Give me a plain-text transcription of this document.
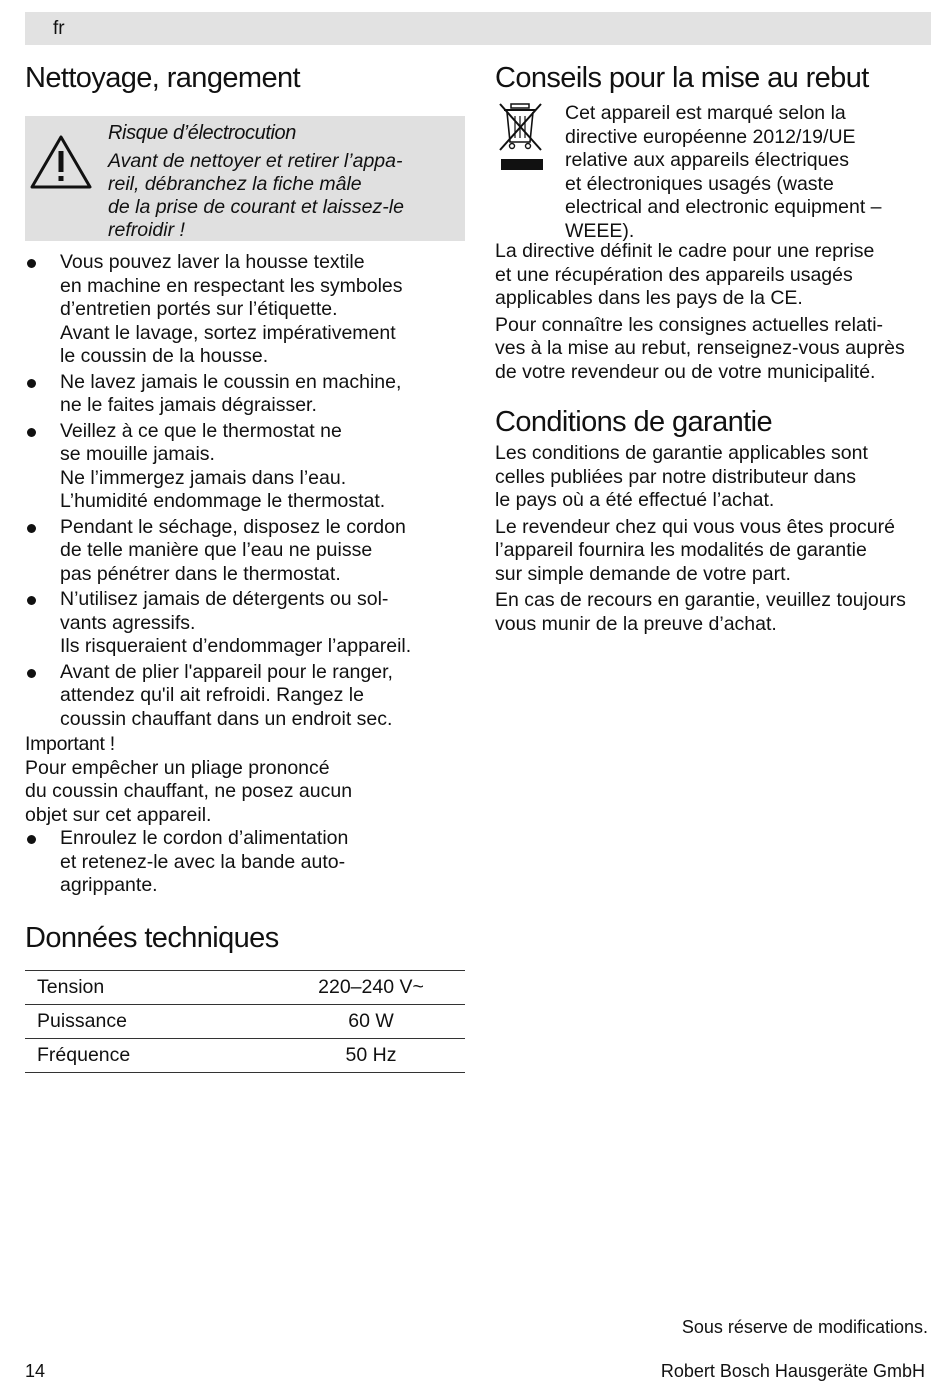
fr
Nettoyage, rangement
Risque d’électrocution
Avant de nettoyer et retirer l’appa-
reil, débranchez la fiche mâle
de la prise de courant et laissez-le
refroidir !
Vous pouvez laver la housse textile
en machine en respectant les symboles
d’entretien portés sur l’étiquette.
Avant le lavage, sortez impérativement
le coussin de la housse.
Ne lavez jamais le coussin en machine,
ne le faites jamais dégraisser.
Veillez à ce que le thermostat ne
se mouille jamais.
Ne l’immergez jamais dans l’eau.
L’humidité endommage le thermostat.
Pendant le séchage, disposez le cordon
de telle manière que l’eau ne puisse
pas pénétrer dans le thermostat.
N’utilisez jamais de détergents ou sol-
vants agressifs.
Ils risqueraient d’endommager l’appareil.
Avant de plier l'appareil pour le ranger,
attendez qu'il ait refroidi. Rangez le
coussin chauffant dans un endroit sec.
Important !
Pour empêcher un pliage prononcé
du coussin chauffant, ne posez aucun
objet sur cet appareil.
Enroulez le cordon d’alimentation
et retenez-le avec la bande auto-
agrippante.
Données techniques
Tension	220–240 V~
Puissance	60 W
Fréquence	50 Hz
Conseils pour la mise au rebut
Cet appareil est marqué selon la
directive européenne 2012/19/UE
relative aux appareils électriques
et électroniques usagés (waste
electrical and electronic equipment –
WEEE).

La directive définit le cadre pour une reprise
et une récupération des appareils usagés
applicables dans les pays de la CE.

Pour connaître les consignes actuelles relati-
ves à la mise au rebut, renseignez-vous auprès
de votre revendeur ou de votre municipalité.

Conditions de garantie

Les conditions de garantie applicables sont
celles publiées par notre distributeur dans
le pays où a été effectué l’achat.

Le revendeur chez qui vous vous êtes procuré
l’appareil fournira les modalités de garantie
sur simple demande de votre part.

En cas de recours en garantie, veuillez toujours
vous munir de la preuve d’achat.

Sous réserve de modifications.
14	Robert Bosch Hausgeräte GmbH
